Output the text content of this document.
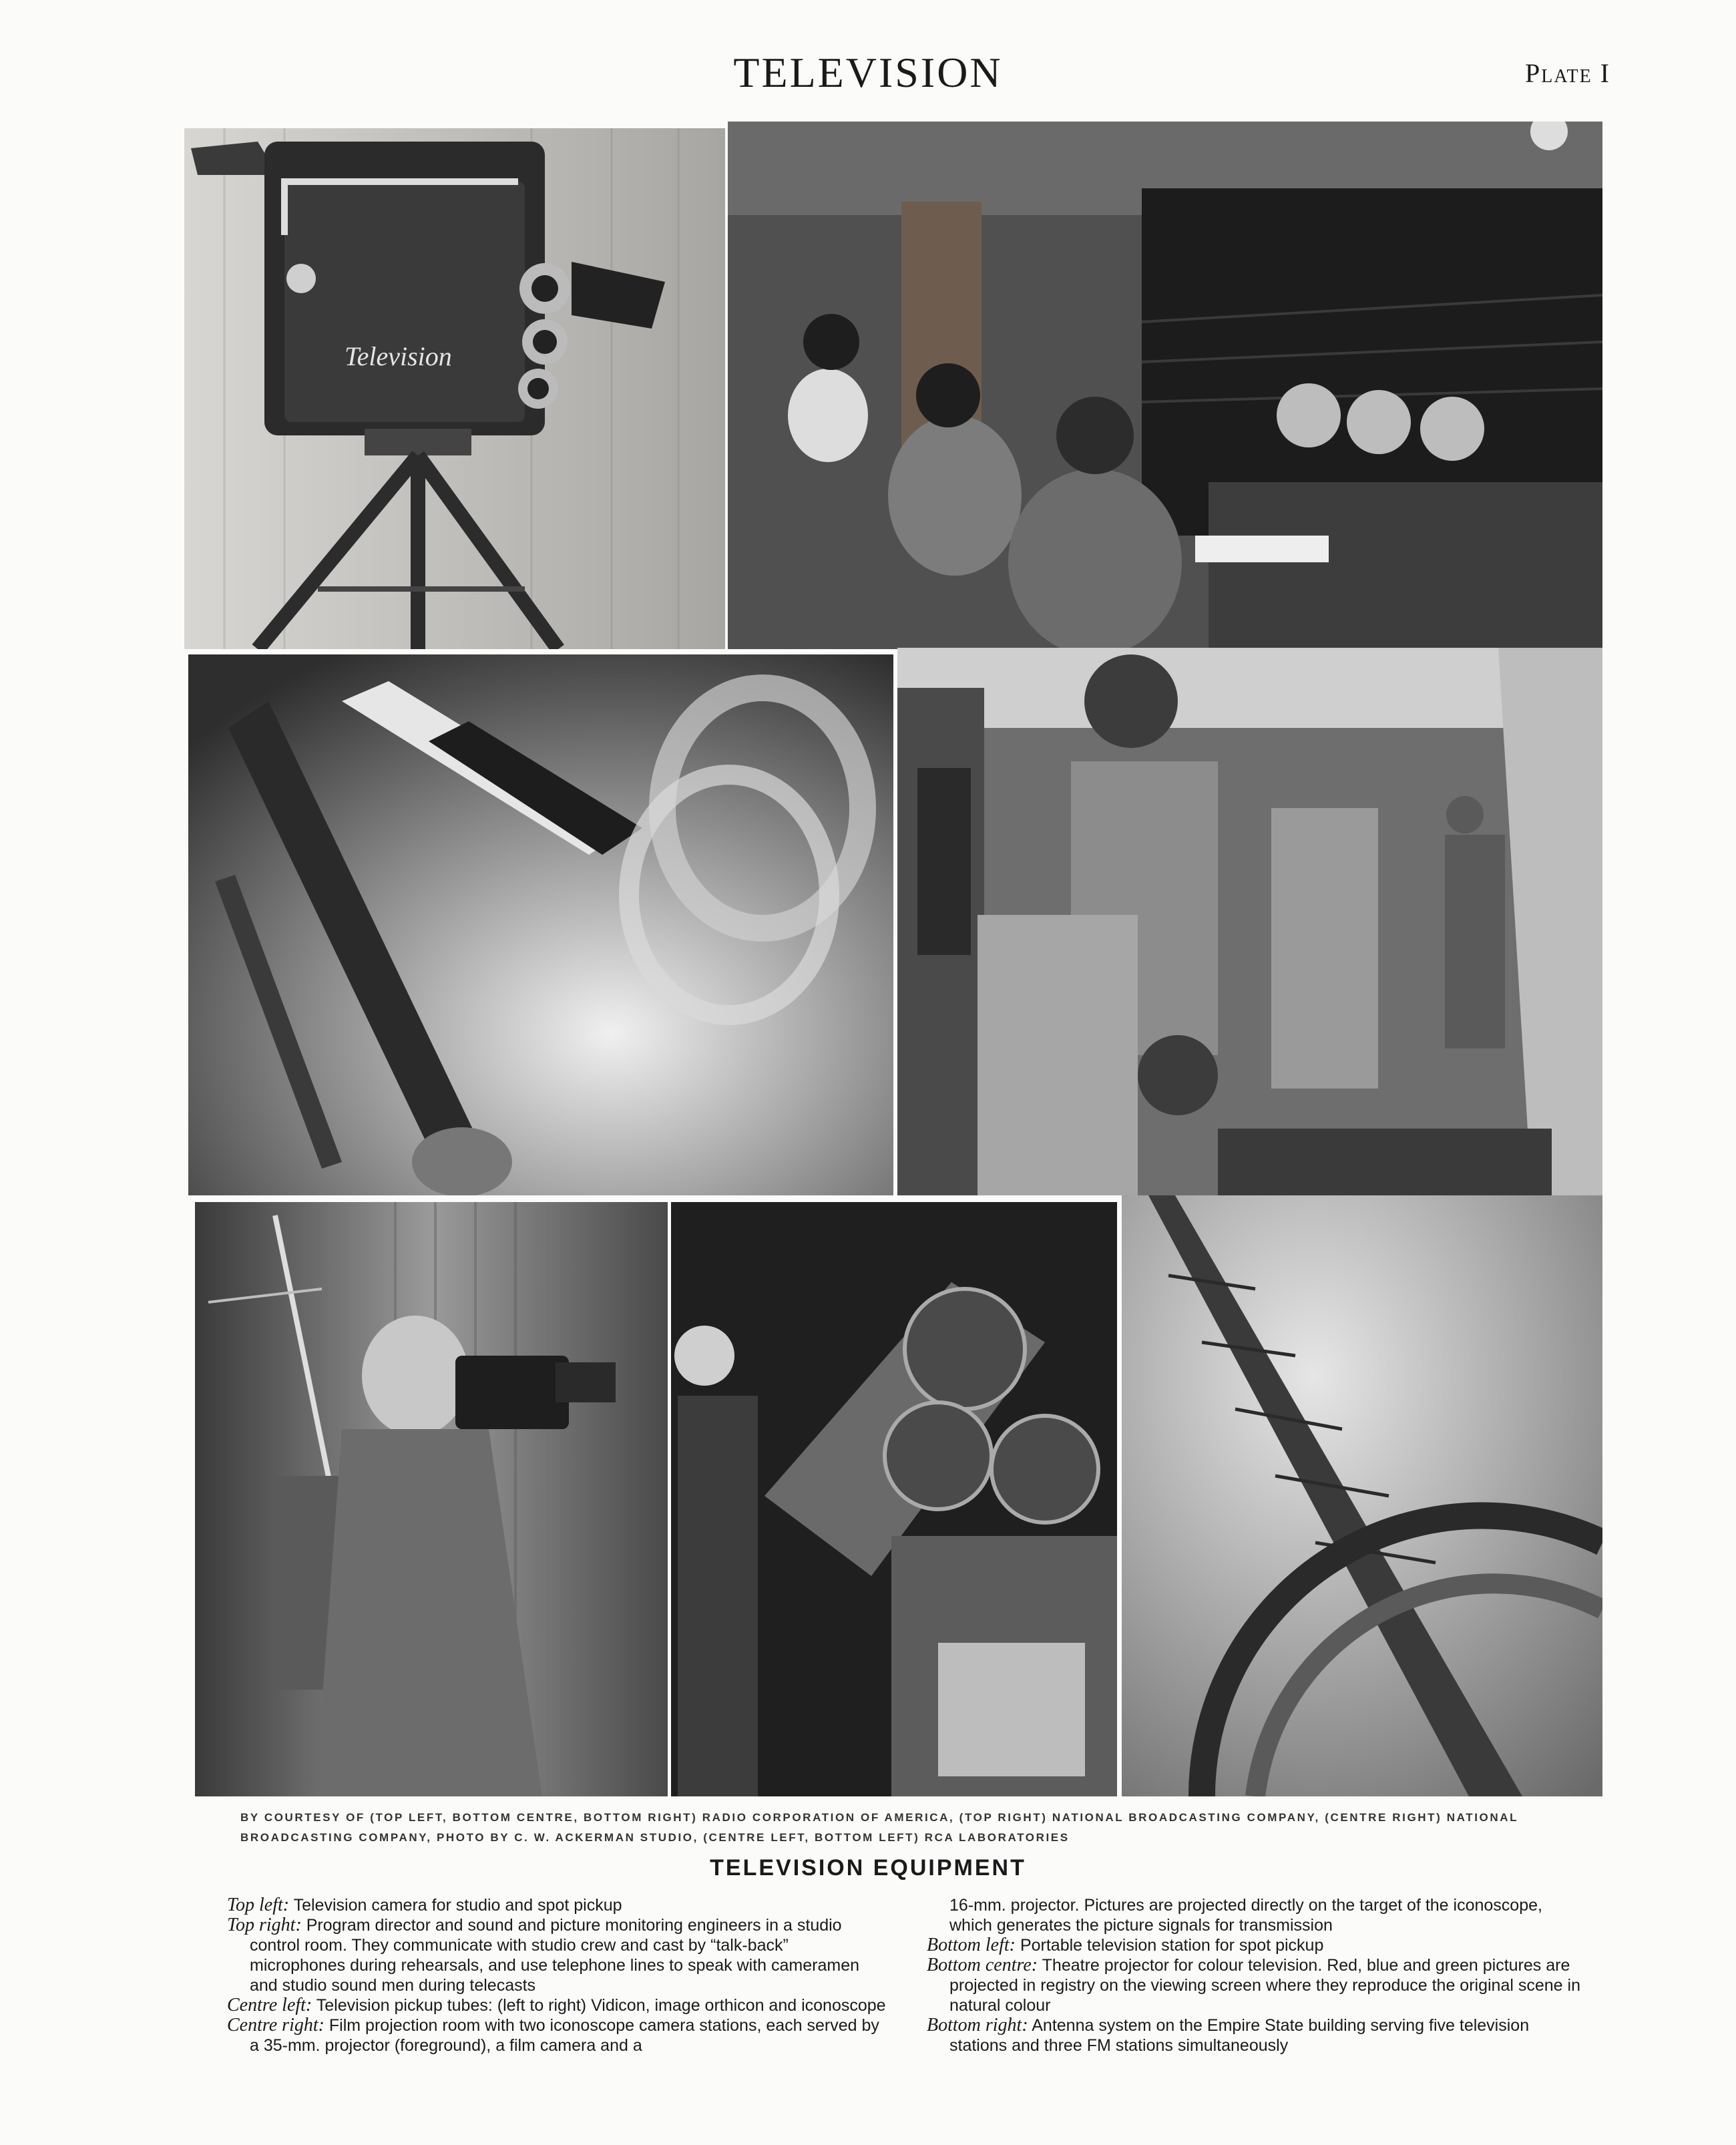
TELEVISION	Plate I
Television
BY COURTESY OF (TOP LEFT, BOTTOM CENTRE, BOTTOM RIGHT) RADIO CORPORATION OF AMERICA, (TOP RIGHT) NATIONAL BROADCASTING COMPANY, (CENTRE RIGHT) NATIONAL BROADCASTING COMPANY, PHOTO BY C. W. ACKERMAN STUDIO, (CENTRE LEFT, BOTTOM LEFT) RCA LABORATORIES
TELEVISION EQUIPMENT

Top left: Television camera for studio and spot pickup

Top right: Program director and sound and picture monitoring engineers in a studio control room. They communicate with studio crew and cast by “talk-back” microphones during rehearsals, and use telephone lines to speak with cameramen and studio sound men during telecasts

Centre left: Television pickup tubes: (left to right) Vidicon, image orthicon and iconoscope

Centre right: Film projection room with two iconoscope camera stations, each served by a 35-mm. projector (foreground), a film camera and a

16-mm. projector. Pictures are projected directly on the target of the iconoscope, which generates the picture signals for transmission

Bottom left: Portable television station for spot pickup

Bottom centre: Theatre projector for colour television. Red, blue and green pictures are projected in registry on the viewing screen where they reproduce the original scene in natural colour

Bottom right: Antenna system on the Empire State building serving five television stations and three FM stations simultaneously
